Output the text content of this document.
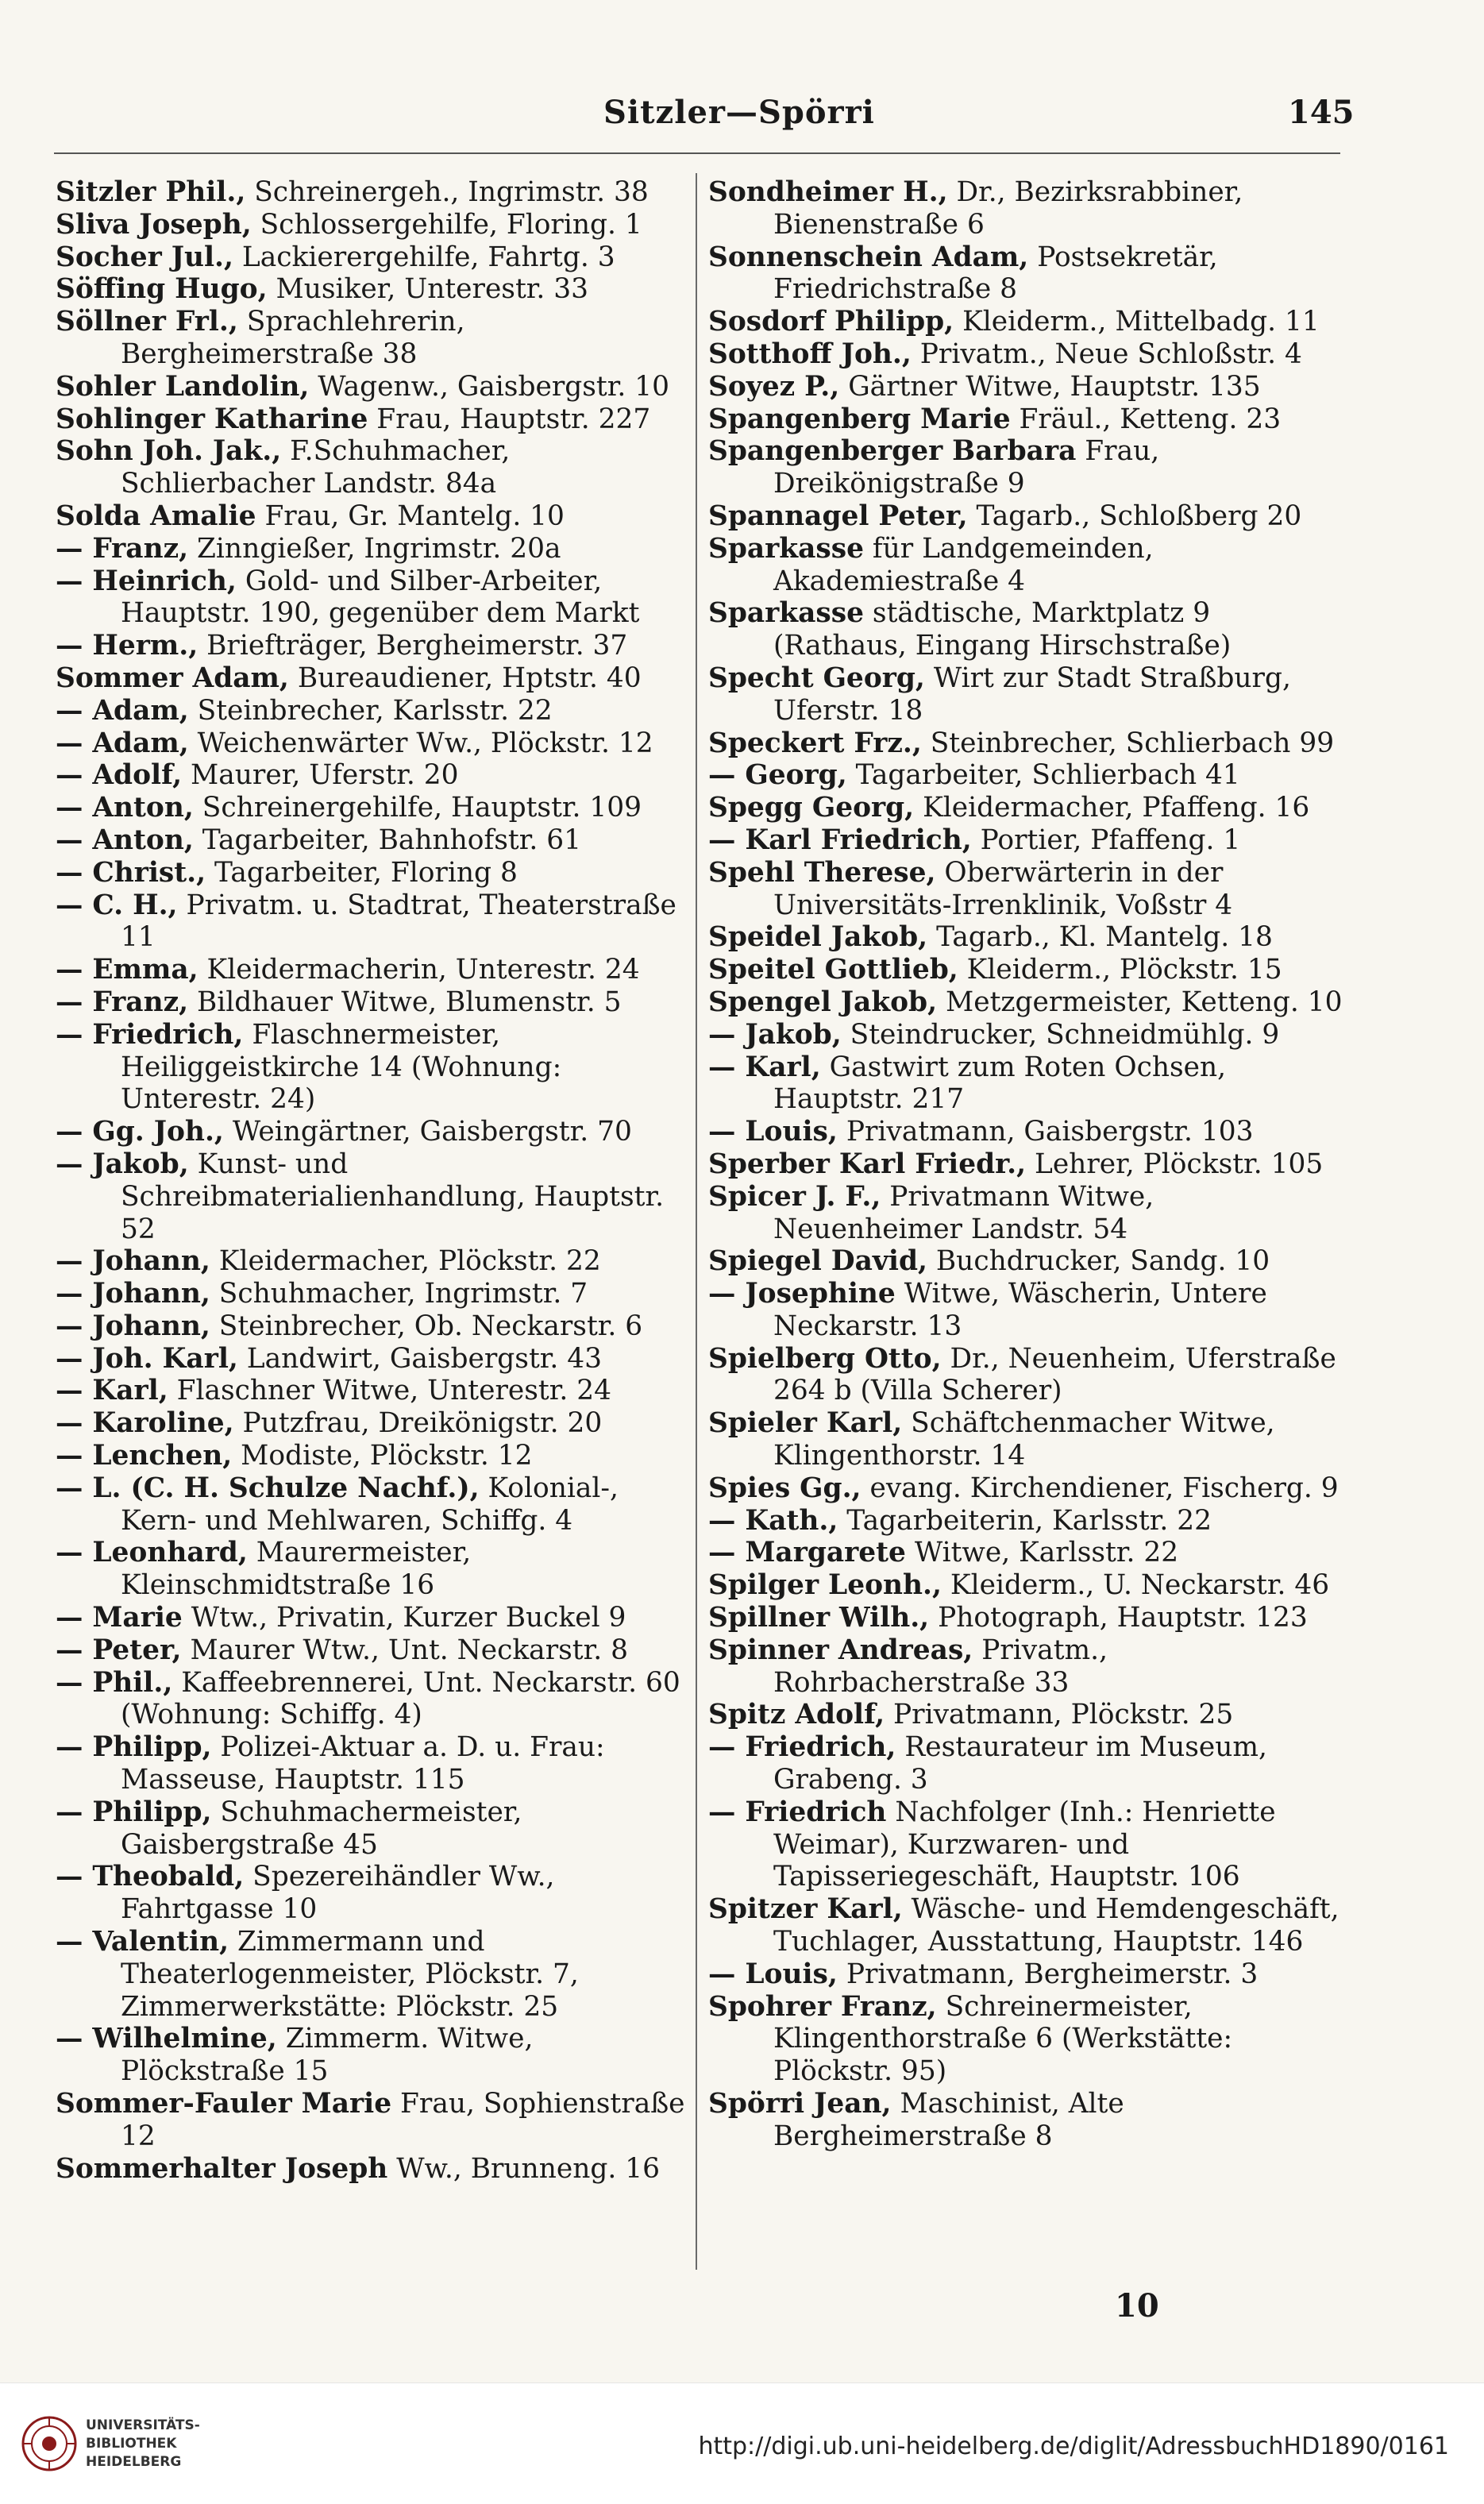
Sitzler—Spörri	145

Sitzler Phil., Schreinergeh., Ingrimstr. 38

Sliva Joseph, Schlossergehilfe, Floring. 1

Socher Jul., Lackierergehilfe, Fahrtg. 3

Söffing Hugo, Musiker, Unterestr. 33

Söllner Frl., Sprachlehrerin, Bergheimerstraße 38

Sohler Landolin, Wagenw., Gaisbergstr. 10

Sohlinger Katharine Frau, Hauptstr. 227

Sohn Joh. Jak., F.Schuhmacher, Schlierbacher Landstr. 84a

Solda Amalie Frau, Gr. Mantelg. 10

— Franz, Zinngießer, Ingrimstr. 20a

— Heinrich, Gold- und Silber-Arbeiter, Hauptstr. 190, gegenüber dem Markt

— Herm., Briefträger, Bergheimerstr. 37

Sommer Adam, Bureaudiener, Hptstr. 40

— Adam, Steinbrecher, Karlsstr. 22

— Adam, Weichenwärter Ww., Plöckstr. 12

— Adolf, Maurer, Uferstr. 20

— Anton, Schreinergehilfe, Hauptstr. 109

— Anton, Tagarbeiter, Bahnhofstr. 61

— Christ., Tagarbeiter, Floring 8

— C. H., Privatm. u. Stadtrat, Theaterstraße 11

— Emma, Kleidermacherin, Unterestr. 24

— Franz, Bildhauer Witwe, Blumenstr. 5

— Friedrich, Flaschnermeister, Heiliggeistkirche 14 (Wohnung: Unterestr. 24)

— Gg. Joh., Weingärtner, Gaisbergstr. 70

— Jakob, Kunst- und Schreibmaterialienhandlung, Hauptstr. 52

— Johann, Kleidermacher, Plöckstr. 22

— Johann, Schuhmacher, Ingrimstr. 7

— Johann, Steinbrecher, Ob. Neckarstr. 6

— Joh. Karl, Landwirt, Gaisbergstr. 43

— Karl, Flaschner Witwe, Unterestr. 24

— Karoline, Putzfrau, Dreikönigstr. 20

— Lenchen, Modiste, Plöckstr. 12

— L. (C. H. Schulze Nachf.), Kolonial-, Kern- und Mehlwaren, Schiffg. 4

— Leonhard, Maurermeister, Kleinschmidtstraße 16

— Marie Wtw., Privatin, Kurzer Buckel 9

— Peter, Maurer Wtw., Unt. Neckarstr. 8

— Phil., Kaffeebrennerei, Unt. Neckarstr. 60 (Wohnung: Schiffg. 4)

— Philipp, Polizei-Aktuar a. D. u. Frau: Masseuse, Hauptstr. 115

— Philipp, Schuhmachermeister, Gaisbergstraße 45

— Theobald, Spezereihändler Ww., Fahrtgasse 10

— Valentin, Zimmermann und Theaterlogenmeister, Plöckstr. 7, Zimmerwerkstätte: Plöckstr. 25

— Wilhelmine, Zimmerm. Witwe, Plöckstraße 15

Sommer-Fauler Marie Frau, Sophienstraße 12

Sommerhalter Joseph Ww., Brunneng. 16

Sondheimer H., Dr., Bezirksrabbiner, Bienenstraße 6

Sonnenschein Adam, Postsekretär, Friedrichstraße 8

Sosdorf Philipp, Kleiderm., Mittelbadg. 11

Sotthoff Joh., Privatm., Neue Schloßstr. 4

Soyez P., Gärtner Witwe, Hauptstr. 135

Spangenberg Marie Fräul., Ketteng. 23

Spangenberger Barbara Frau, Dreikönigstraße 9

Spannagel Peter, Tagarb., Schloßberg 20

Sparkasse für Landgemeinden, Akademiestraße 4

Sparkasse städtische, Marktplatz 9 (Rathaus, Eingang Hirschstraße)

Specht Georg, Wirt zur Stadt Straßburg, Uferstr. 18

Speckert Frz., Steinbrecher, Schlierbach 99

— Georg, Tagarbeiter, Schlierbach 41

Spegg Georg, Kleidermacher, Pfaffeng. 16

— Karl Friedrich, Portier, Pfaffeng. 1

Spehl Therese, Oberwärterin in der Universitäts-Irrenklinik, Voßstr 4

Speidel Jakob, Tagarb., Kl. Mantelg. 18

Speitel Gottlieb, Kleiderm., Plöckstr. 15

Spengel Jakob, Metzgermeister, Ketteng. 10

— Jakob, Steindrucker, Schneidmühlg. 9

— Karl, Gastwirt zum Roten Ochsen, Hauptstr. 217

— Louis, Privatmann, Gaisbergstr. 103

Sperber Karl Friedr., Lehrer, Plöckstr. 105

Spicer J. F., Privatmann Witwe, Neuenheimer Landstr. 54

Spiegel David, Buchdrucker, Sandg. 10

— Josephine Witwe, Wäscherin, Untere Neckarstr. 13

Spielberg Otto, Dr., Neuenheim, Uferstraße 264 b (Villa Scherer)

Spieler Karl, Schäftchenmacher Witwe, Klingenthorstr. 14

Spies Gg., evang. Kirchendiener, Fischerg. 9

— Kath., Tagarbeiterin, Karlsstr. 22

— Margarete Witwe, Karlsstr. 22

Spilger Leonh., Kleiderm., U. Neckarstr. 46

Spillner Wilh., Photograph, Hauptstr. 123

Spinner Andreas, Privatm., Rohrbacherstraße 33

Spitz Adolf, Privatmann, Plöckstr. 25

— Friedrich, Restaurateur im Museum, Grabeng. 3

— Friedrich Nachfolger (Inh.: Henriette Weimar), Kurzwaren- und Tapisseriegeschäft, Hauptstr. 106

Spitzer Karl, Wäsche- und Hemdengeschäft, Tuchlager, Ausstattung, Hauptstr. 146

— Louis, Privatmann, Bergheimerstr. 3

Spohrer Franz, Schreinermeister, Klingenthorstraße 6 (Werkstätte: Plöckstr. 95)

Spörri Jean, Maschinist, Alte Bergheimerstraße 8

10
UNIVERSITÄTS-
BIBLIOTHEK
HEIDELBERG
http://digi.ub.uni-heidelberg.de/diglit/AdressbuchHD1890/0161
